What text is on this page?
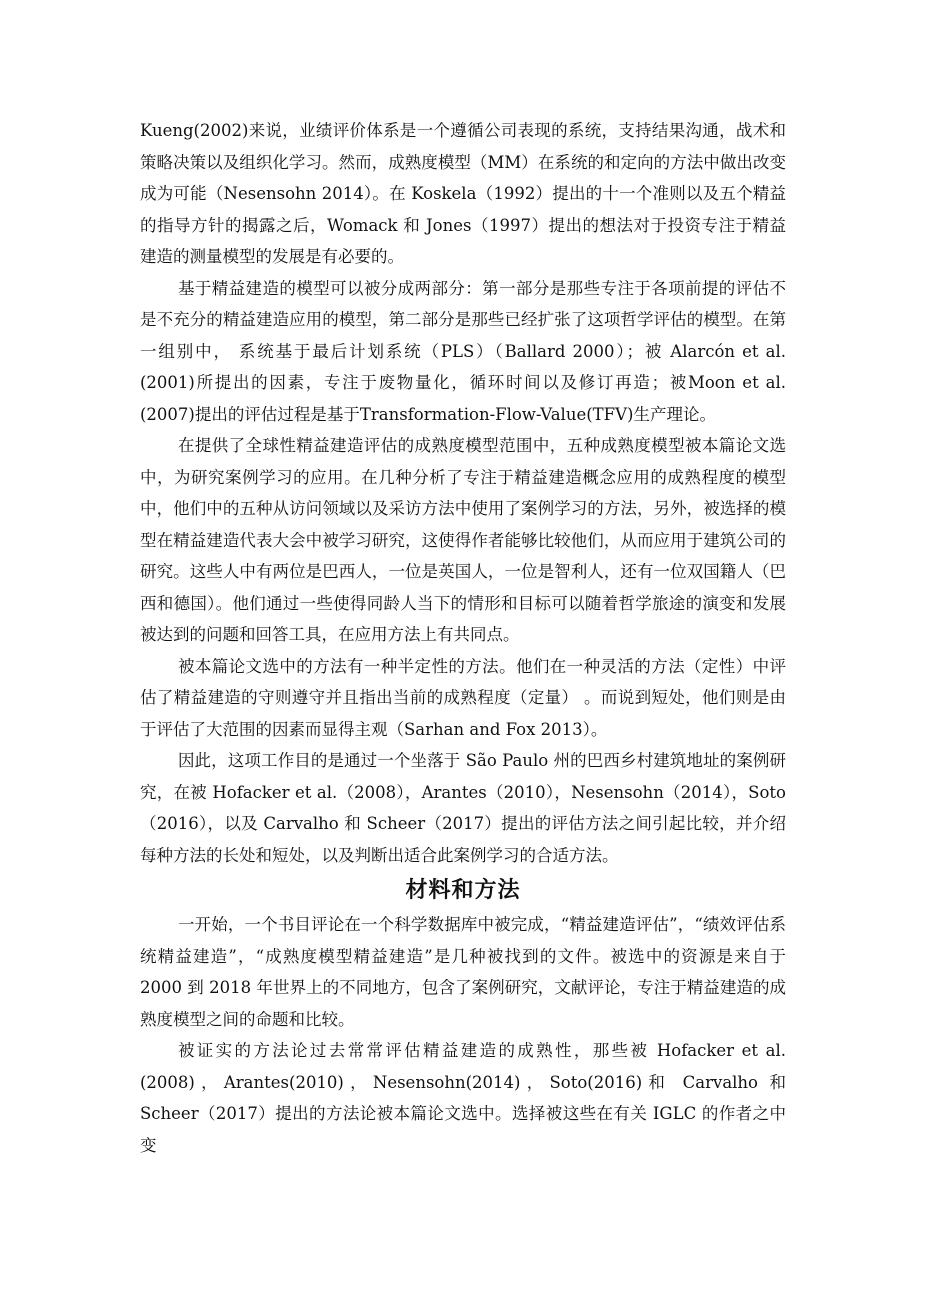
Kueng(2002)来说，业绩评价体系是一个遵循公司表现的系统，支持结果沟通，战术和策略决策以及组织化学习。然而，成熟度模型（MM）在系统的和定向的方法中做出改变成为可能（Nesensohn 2014）。在 Koskela（1992）提出的十一个准则以及五个精益的指导方针的揭露之后，Womack 和 Jones（1997）提出的想法对于投资专注于精益建造的测量模型的发展是有必要的。

基于精益建造的模型可以被分成两部分：第一部分是那些专注于各项前提的评估不是不充分的精益建造应用的模型，第二部分是那些已经扩张了这项哲学评估的模型。在第一组别中， 系统基于最后计划系统（PLS）（Ballard 2000）；被 Alarcón et al.(2001)所提出的因素，专注于废物量化，循环时间以及修订再造；被Moon et al.(2007)提出的评估过程是基于Transformation-Flow-Value(TFV)生产理论。

在提供了全球性精益建造评估的成熟度模型范围中，五种成熟度模型被本篇论文选中，为研究案例学习的应用。在几种分析了专注于精益建造概念应用的成熟程度的模型中，他们中的五种从访问领域以及采访方法中使用了案例学习的方法，另外，被选择的模型在精益建造代表大会中被学习研究，这使得作者能够比较他们，从而应用于建筑公司的研究。这些人中有两位是巴西人，一位是英国人，一位是智利人，还有一位双国籍人（巴西和德国）。他们通过一些使得同龄人当下的情形和目标可以随着哲学旅途的演变和发展被达到的问题和回答工具，在应用方法上有共同点。

被本篇论文选中的方法有一种半定性的方法。他们在一种灵活的方法（定性）中评估了精益建造的守则遵守并且指出当前的成熟程度（定量） 。而说到短处，他们则是由于评估了大范围的因素而显得主观（Sarhan and Fox 2013）。

因此，这项工作目的是通过一个坐落于 São Paulo 州的巴西乡村建筑地址的案例研究，在被 Hofacker et al.（2008），Arantes（2010），Nesensohn（2014），Soto（2016），以及 Carvalho 和 Scheer（2017）提出的评估方法之间引起比较，并介绍每种方法的长处和短处，以及判断出适合此案例学习的合适方法。

材料和方法

一开始，一个书目评论在一个科学数据库中被完成，“精益建造评估”，“绩效评估系统精益建造”，“成熟度模型精益建造”是几种被找到的文件。被选中的资源是来自于 2000 到 2018 年世界上的不同地方，包含了案例研究，文献评论，专注于精益建造的成熟度模型之间的命题和比较。

被证实的方法论过去常常评估精益建造的成熟性，那些被 Hofacker et al.(2008)，Arantes(2010)，Nesensohn(2014)，Soto(2016)和 Carvalho 和 Scheer（2017）提出的方法论被本篇论文选中。选择被这些在有关 IGLC 的作者之中变
